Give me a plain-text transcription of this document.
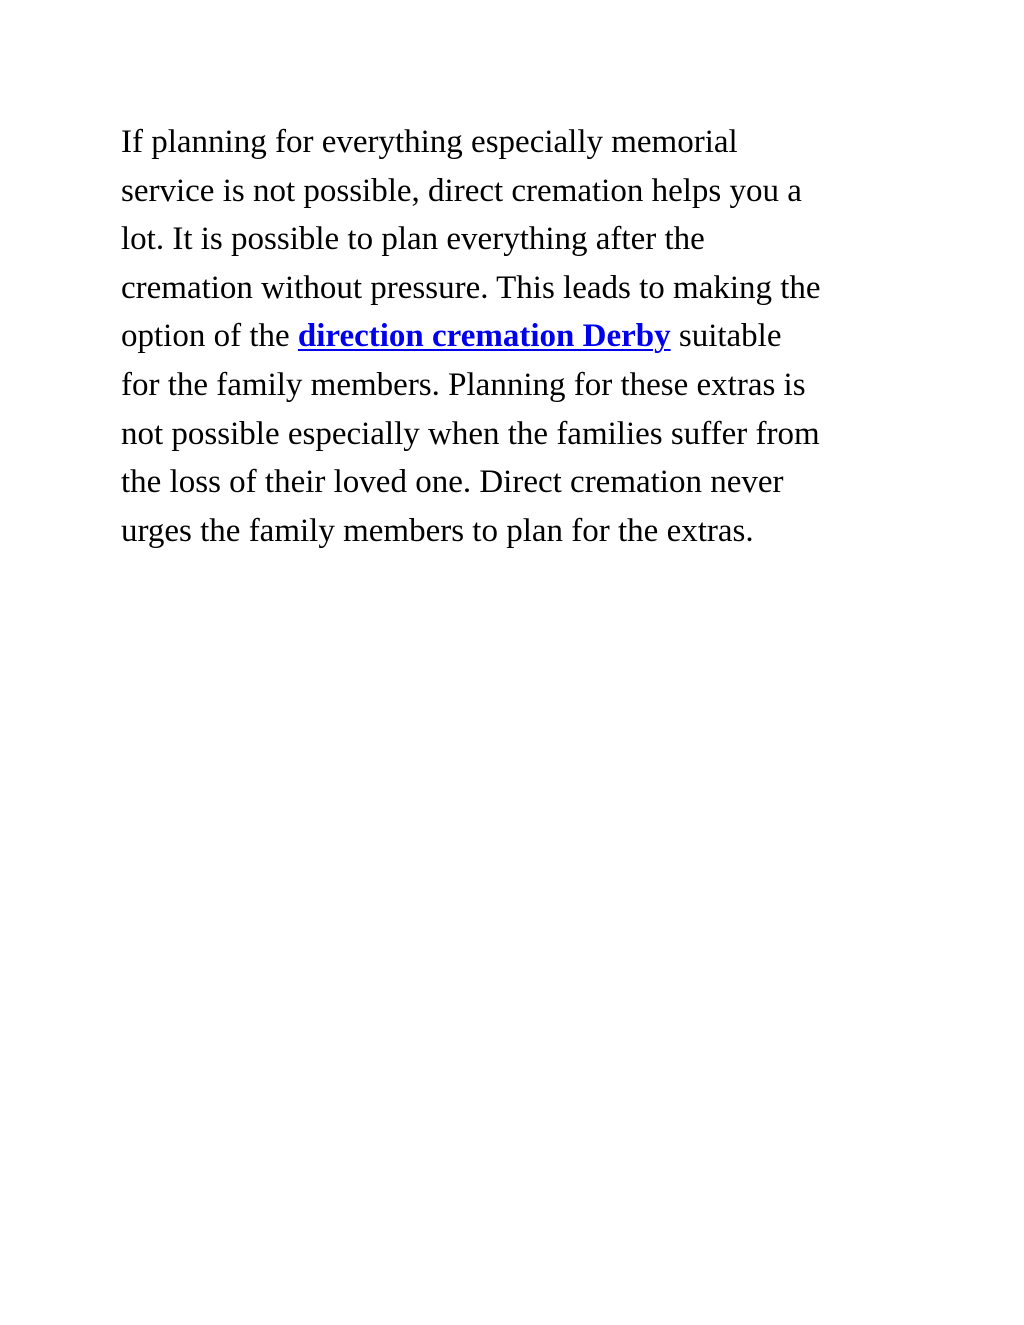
If planning for everything especially memorial
service is not possible, direct cremation helps you a
lot. It is possible to plan everything after the
cremation without pressure. This leads to making the
option of the direction cremation Derby suitable
for the family members. Planning for these extras is
not possible especially when the families suffer from
the loss of their loved one. Direct cremation never
urges the family members to plan for the extras.
